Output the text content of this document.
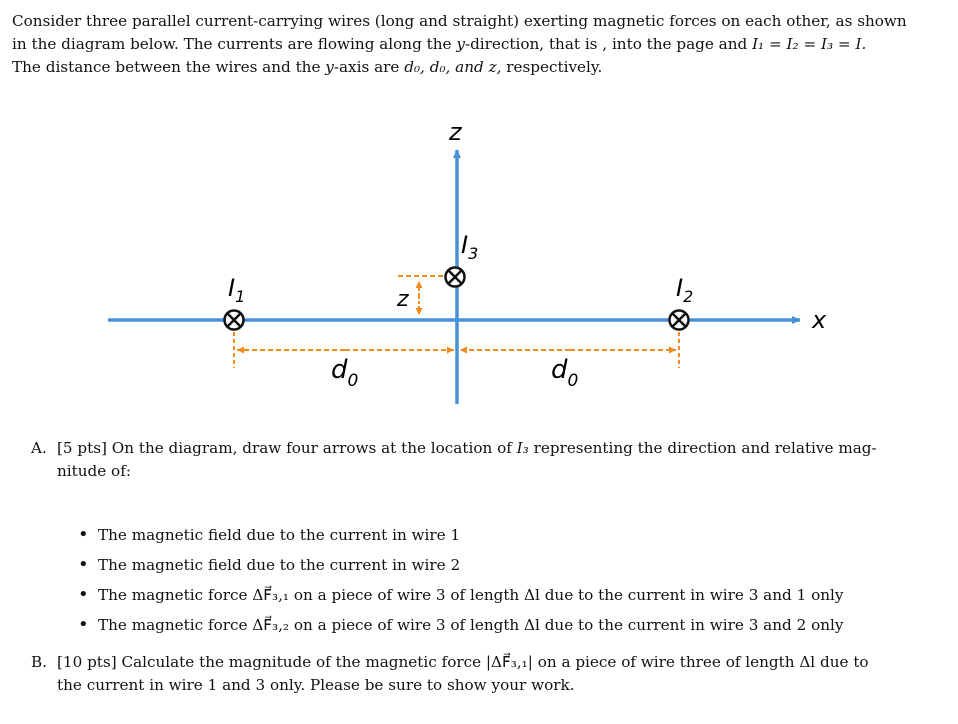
Consider three parallel current-carrying wires (long and straight) exerting magnetic forces on each other, as shown

in the diagram below. The currents are flowing along the y-direction, that is , into the page and I₁ = I₂ = I₃ = I.

The distance between the wires and the y-axis are d₀, d₀, and z, respectively.

z
x
$I_1$	$I_2$
$I_3$
z
$d_0$	$d_0$
A. [5 pts] On the diagram, draw four arrows at the location of I₃ representing the direction and relative mag-
nitude of:
• The magnetic field due to the current in wire 1
• The magnetic field due to the current in wire 2
• The magnetic force ΔF⃗₃,₁ on a piece of wire 3 of length Δl due to the current in wire 3 and 1 only
• The magnetic force ΔF⃗₃,₂ on a piece of wire 3 of length Δl due to the current in wire 3 and 2 only
B. [10 pts] Calculate the magnitude of the magnetic force |ΔF⃗₃,₁| on a piece of wire three of length Δl due to
the current in wire 1 and 3 only. Please be sure to show your work.
